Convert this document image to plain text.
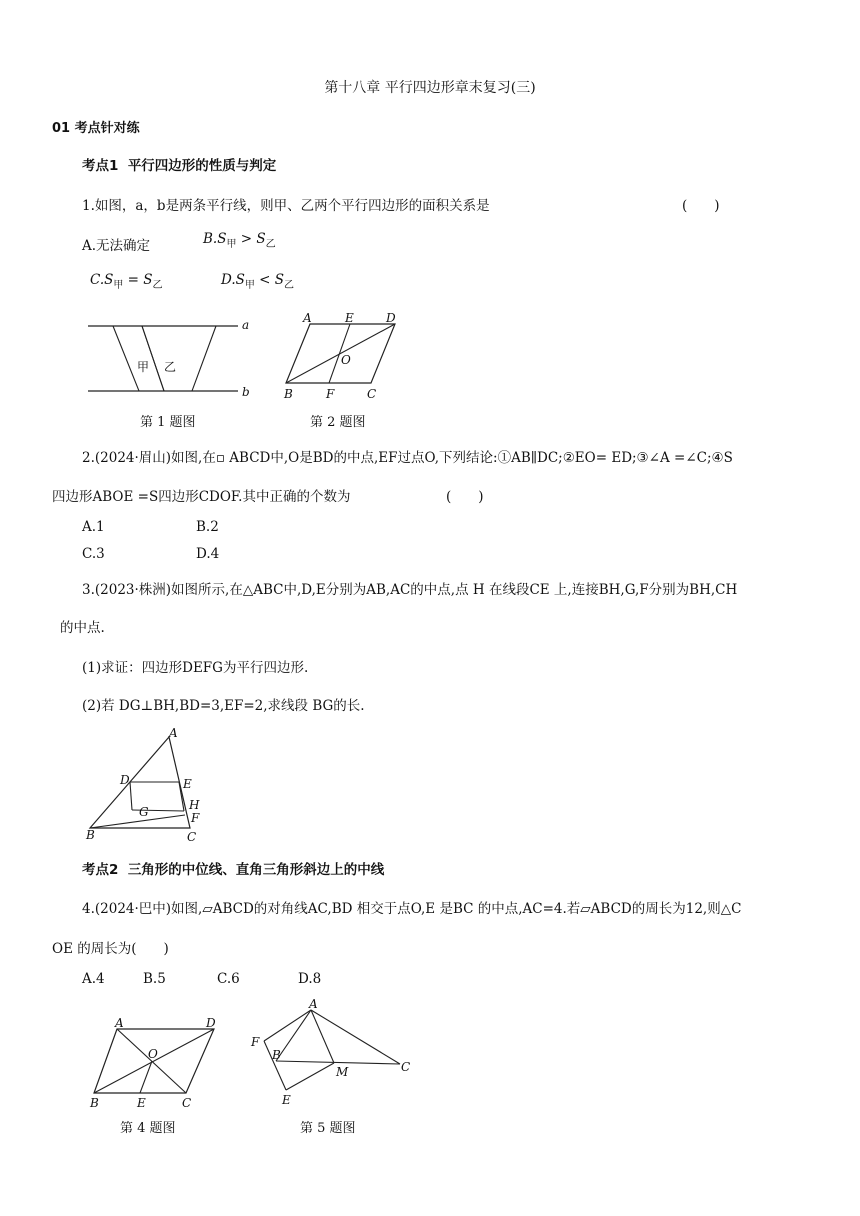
第十八章 平行四边形章末复习(三)
01 考点针对练
考点1 平行四边形的性质与判定
1.如图，a，b是两条平行线，则甲、乙两个平行四边形的面积关系是	(　　)
A.无法确定	$B.S_甲 > S_乙$
$C.S_甲 = S_乙$	$D.S_甲 < S_乙$
a
b
甲 乙
第 1 题图
A	E	D
O
B	F	C
第 2 题图
2.(2024·眉山)如图,在▫ ABCD中,O是BD的中点,EF过点O,下列结论:①AB∥DC;②EO= ED;③∠A =∠C;④S
四边形ABOE =S四边形CDOF.其中正确的个数为	(　　)
A.1	B.2
C.3	D.4
3.(2023·株洲)如图所示,在△ABC中,D,E分别为AB,AC的中点,点 H 在线段CE 上,连接BH,G,F分别为BH,CH
的中点.
(1)求证：四边形DEFG为平行四边形.
(2)若 DG⊥BH,BD=3,EF=2,求线段 BG的长.
A
D	E
G	H
F
B	C
考点2 三角形的中位线、直角三角形斜边上的中线
4.(2024·巴中)如图,▱ABCD的对角线AC,BD 相交于点O,E 是BC 的中点,AC=4.若▱ABCD的周长为12,则△C
OE 的周长为(　　)
A.4	B.5	C.6	D.8
A	D
O
B	E	C
第 4 题图
A
F
B
M	C
E
第 5 题图
